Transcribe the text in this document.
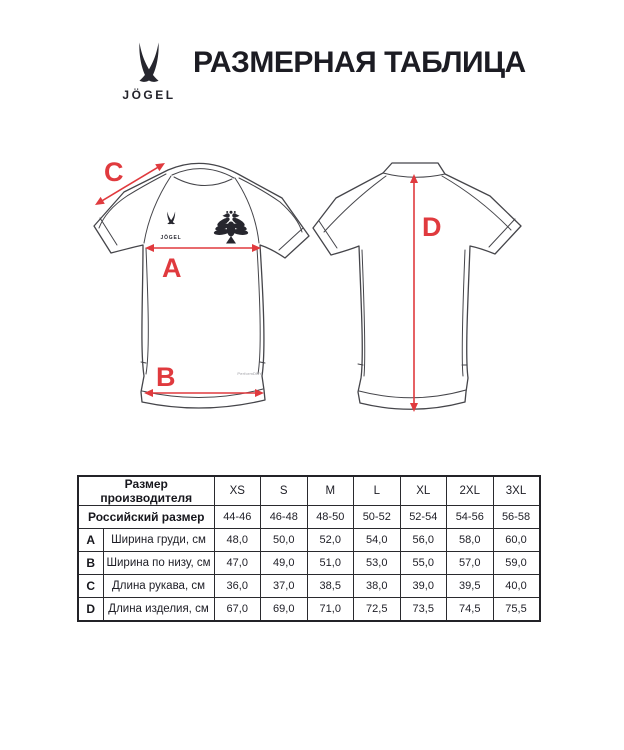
JÖGEL
РАЗМЕРНАЯ ТАБЛИЦА
JÖGEL
PerformDRY
A
B
C
D
Размер производителя		XS	S	M	L	XL	2XL	3XL
Российский размер		44-46	46-48	48-50	50-52	52-54	54-56	56-58
A	Ширина груди, см	48,0	50,0	52,0	54,0	56,0	58,0	60,0
B	Ширина по низу, см	47,0	49,0	51,0	53,0	55,0	57,0	59,0
C	Длина рукава, см	36,0	37,0	38,5	38,0	39,0	39,5	40,0
D	Длина изделия, см	67,0	69,0	71,0	72,5	73,5	74,5	75,5
